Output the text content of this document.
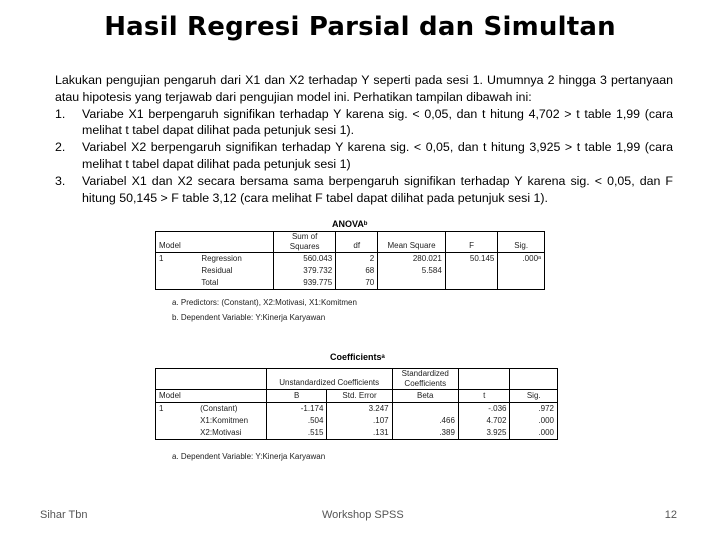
Hasil Regresi Parsial dan Simultan

Lakukan pengujian pengaruh dari X1 dan X2 terhadap Y seperti pada sesi 1. Umumnya 2 hingga 3 pertanyaan atau hipotesis yang terjawab dari pengujian model ini. Perhatikan tampilan dibawah ini:

1. Variabe X1 berpengaruh signifikan terhadap Y karena sig. < 0,05, dan t hitung 4,702 > t table 1,99 (cara melihat t tabel dapat dilihat pada petunjuk sesi 1).
2. Variabel X2 berpengaruh signifikan terhadap Y karena sig. < 0,05, dan t hitung 3,925 > t table 1,99 (cara melihat t tabel dapat dilihat pada petunjuk sesi 1)
3. Variabel X1 dan X2 secara bersama sama berpengaruh signifikan terhadap Y karena sig. < 0,05, dan F hitung 50,145 > F table 3,12 (cara melihat F tabel dapat dilihat pada petunjuk sesi 1).
ANOVAᵇ
Model		Sum of Squares	df	Mean Square	F	Sig.
1	Regression	560.043	2	280.021	50.145	.000ᵃ
	Residual	379.732	68	5.584		
	Total	939.775	70			
a. Predictors: (Constant), X2:Motivasi, X1:Komitmen
b. Dependent Variable: Y:Kinerja Karyawan
Coefficientsᵃ
		Unstandardized Coefficients		Standardized Coefficients		
Model		B	Std. Error	Beta	t	Sig.
1	(Constant)	-1.174	3.247		-.036	.972
	X1:Komitmen	.504	.107	.466	4.702	.000
	X2:Motivasi	.515	.131	.389	3.925	.000
a. Dependent Variable: Y:Kinerja Karyawan
Sihar Tbn	Workshop SPSS	12
